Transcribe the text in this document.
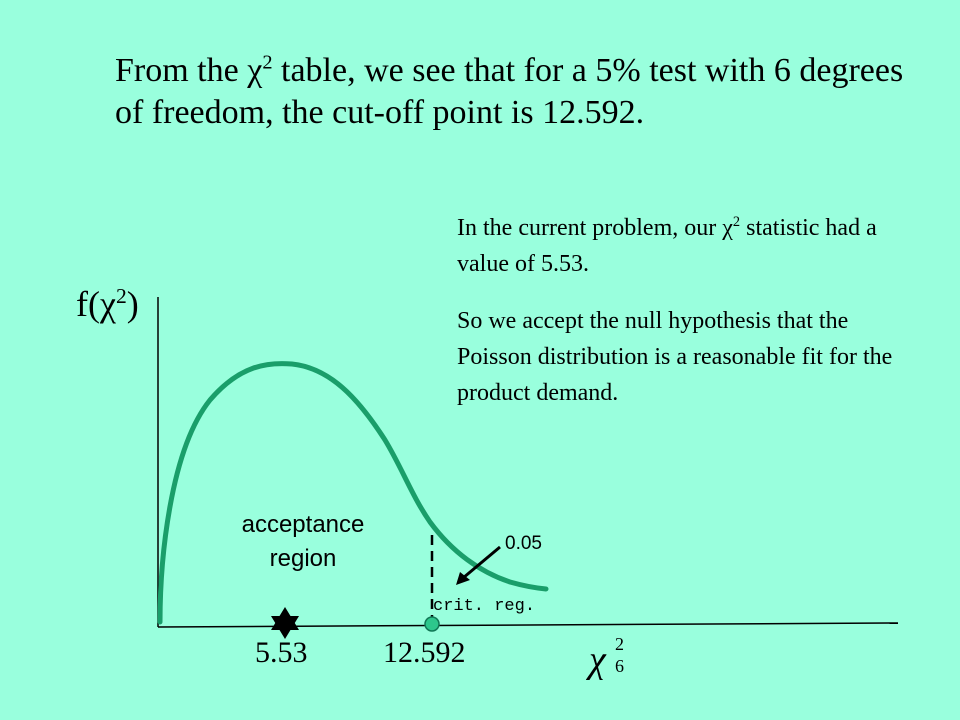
From the $\chi^2$ table, we see that for a 5% test with 6 degrees of freedom, the cut-off point is 12.592.
In the current problem, our $\chi^2$ statistic had a value of 5.53.
So we accept the null hypothesis that the Poisson distribution is a reasonable fit for the product demand.
$f(\chi^2)$
acceptance region
0.05
crit. reg.
5.53	12.592	χ 2
6
